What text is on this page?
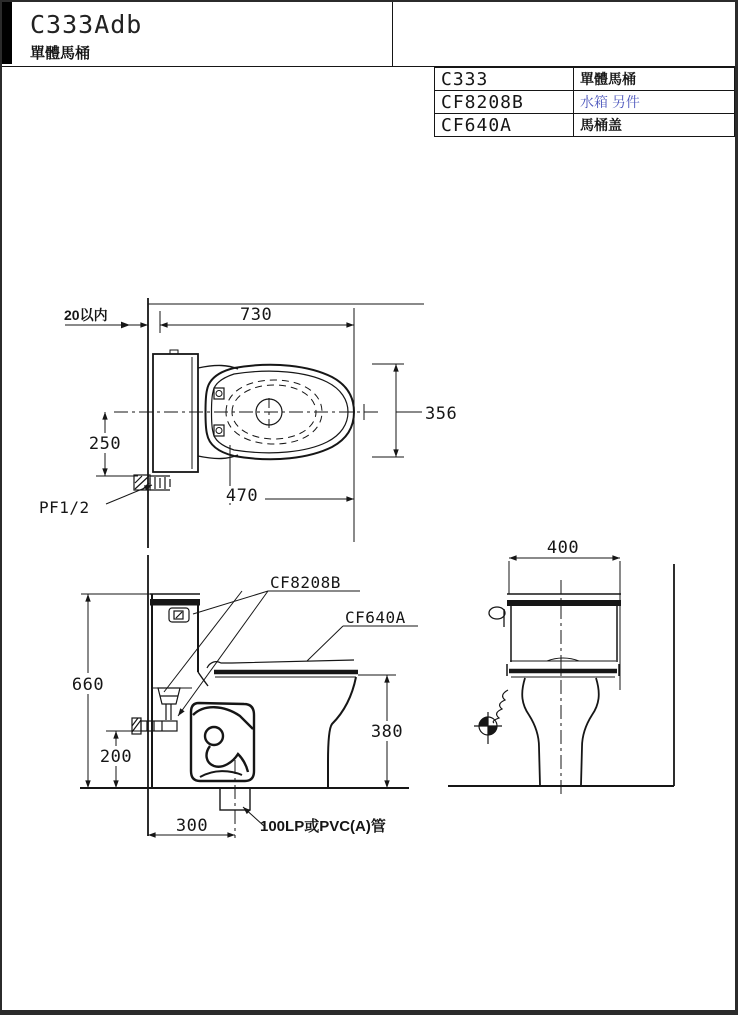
C333Adb
單體馬桶
C333	單體馬桶
CF8208B	水箱 另件
CF640A	馬桶盖
20以内	730
356
250
470
PF1/2
CF8208B
CF640A
660
200
380
300	100LP或PVC(A)管
400
